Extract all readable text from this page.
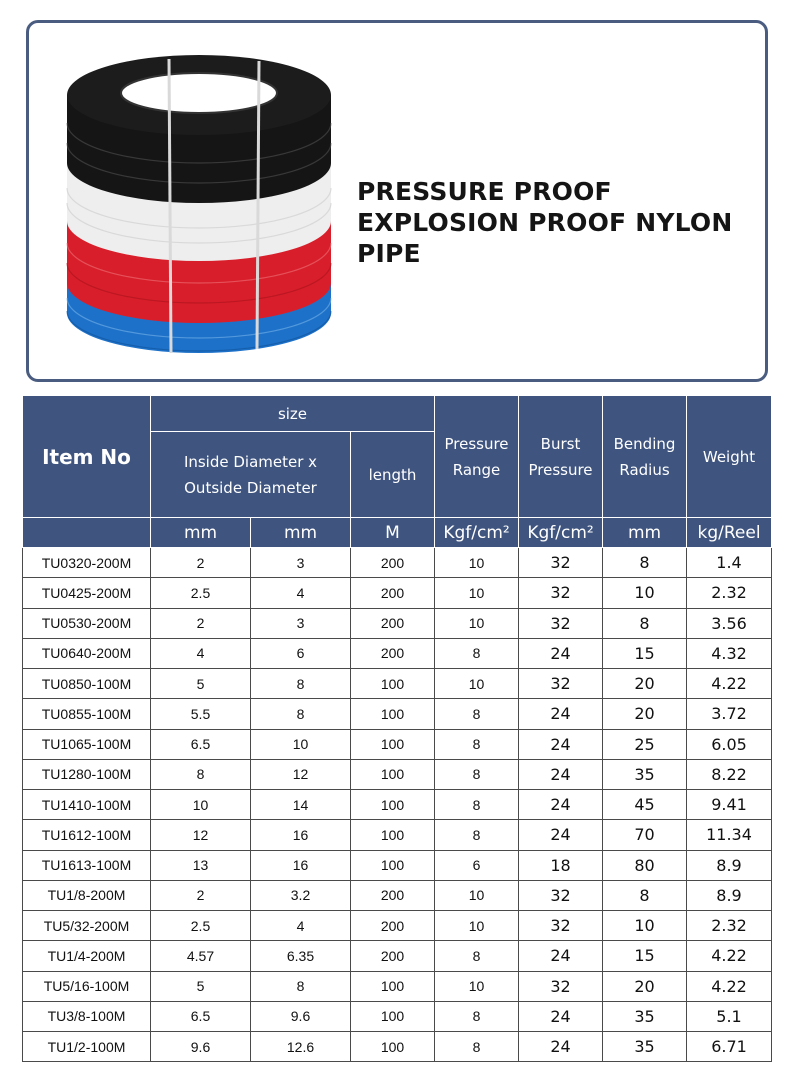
PRESSURE PROOF EXPLOSION PROOF NYLON PIPE
Item No	size			Pressure Range	Burst Pressure	Bending Radius	Weight
	Inside Diameter x Outside Diameter		length				
	mm	mm	M	Kgf/cm²	Kgf/cm²	mm	kg/Reel
TU0320-200M	2	3	200	10	32	8	1.4
TU0425-200M	2.5	4	200	10	32	10	2.32
TU0530-200M	2	3	200	10	32	8	3.56
TU0640-200M	4	6	200	8	24	15	4.32
TU0850-100M	5	8	100	10	32	20	4.22
TU0855-100M	5.5	8	100	8	24	20	3.72
TU1065-100M	6.5	10	100	8	24	25	6.05
TU1280-100M	8	12	100	8	24	35	8.22
TU1410-100M	10	14	100	8	24	45	9.41
TU1612-100M	12	16	100	8	24	70	11.34
TU1613-100M	13	16	100	6	18	80	8.9
TU1/8-200M	2	3.2	200	10	32	8	8.9
TU5/32-200M	2.5	4	200	10	32	10	2.32
TU1/4-200M	4.57	6.35	200	8	24	15	4.22
TU5/16-100M	5	8	100	10	32	20	4.22
TU3/8-100M	6.5	9.6	100	8	24	35	5.1
TU1/2-100M	9.6	12.6	100	8	24	35	6.71
